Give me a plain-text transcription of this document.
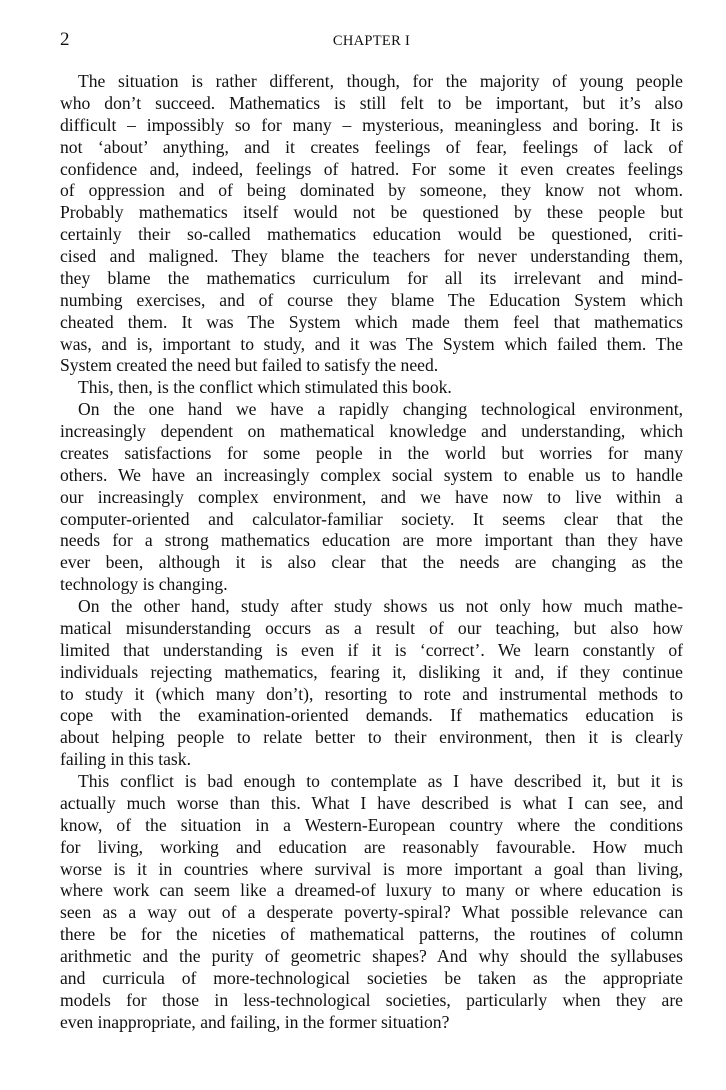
2	CHAPTER I
The situation is rather different, though, for the majority of young people
who don’t succeed. Mathematics is still felt to be important, but it’s also
difficult – impossibly so for many – mysterious, meaningless and boring. It is
not ‘about’ anything, and it creates feelings of fear, feelings of lack of
confidence and, indeed, feelings of hatred. For some it even creates feelings
of oppression and of being dominated by someone, they know not whom.
Probably mathematics itself would not be questioned by these people but
certainly their so-called mathematics education would be questioned, criti-
cised and maligned. They blame the teachers for never understanding them,
they blame the mathematics curriculum for all its irrelevant and mind-
numbing exercises, and of course they blame The Education System which
cheated them. It was The System which made them feel that mathematics
was, and is, important to study, and it was The System which failed them. The
System created the need but failed to satisfy the need.
This, then, is the conflict which stimulated this book.
On the one hand we have a rapidly changing technological environment,
increasingly dependent on mathematical knowledge and understanding, which
creates satisfactions for some people in the world but worries for many
others. We have an increasingly complex social system to enable us to handle
our increasingly complex environment, and we have now to live within a
computer-oriented and calculator-familiar society. It seems clear that the
needs for a strong mathematics education are more important than they have
ever been, although it is also clear that the needs are changing as the
technology is changing.
On the other hand, study after study shows us not only how much mathe-
matical misunderstanding occurs as a result of our teaching, but also how
limited that understanding is even if it is ‘correct’. We learn constantly of
individuals rejecting mathematics, fearing it, disliking it and, if they continue
to study it (which many don’t), resorting to rote and instrumental methods to
cope with the examination-oriented demands. If mathematics education is
about helping people to relate better to their environment, then it is clearly
failing in this task.
This conflict is bad enough to contemplate as I have described it, but it is
actually much worse than this. What I have described is what I can see, and
know, of the situation in a Western-European country where the conditions
for living, working and education are reasonably favourable. How much
worse is it in countries where survival is more important a goal than living,
where work can seem like a dreamed-of luxury to many or where education is
seen as a way out of a desperate poverty-spiral? What possible relevance can
there be for the niceties of mathematical patterns, the routines of column
arithmetic and the purity of geometric shapes? And why should the syllabuses
and curricula of more-technological societies be taken as the appropriate
models for those in less-technological societies, particularly when they are
even inappropriate, and failing, in the former situation?
